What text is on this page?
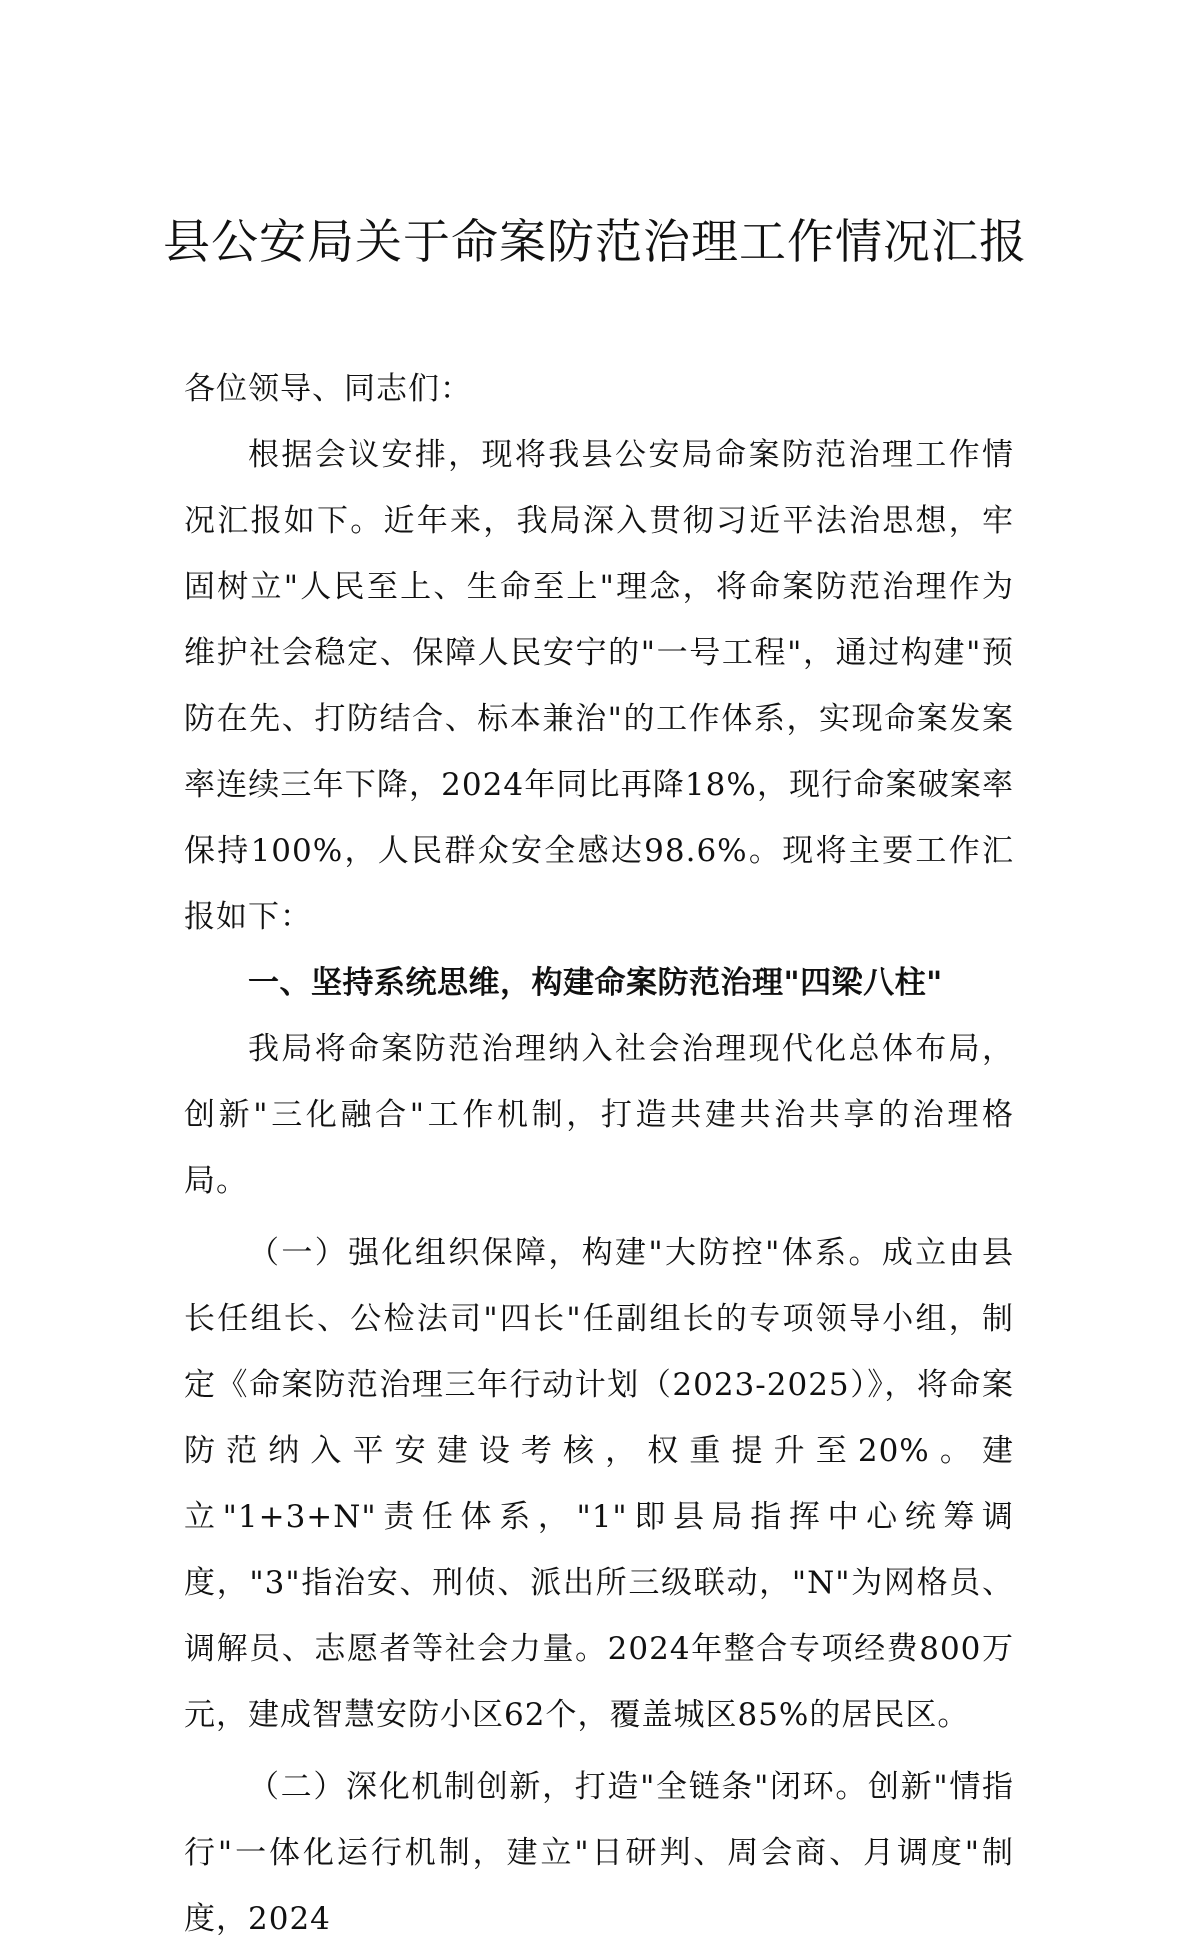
县公安局关于命案防范治理工作情况汇报

各位领导、同志们：

根据会议安排，现将我县公安局命案防范治理工作情况汇报如下。近年来，我局深入贯彻习近平法治思想，牢固树立"人民至上、生命至上"理念，将命案防范治理作为维护社会稳定、保障人民安宁的"一号工程"，通过构建"预防在先、打防结合、标本兼治"的工作体系，实现命案发案率连续三年下降，2024年同比再降18%，现行命案破案率保持100%，人民群众安全感达98.6%。现将主要工作汇报如下：

一、坚持系统思维，构建命案防范治理"四梁八柱"

我局将命案防范治理纳入社会治理现代化总体布局，创新"三化融合"工作机制，打造共建共治共享的治理格局。

（一）强化组织保障，构建"大防控"体系。成立由县长任组长、公检法司"四长"任副组长的专项领导小组，制定《命案防范治理三年行动计划（2023-2025）》，将命案防范纳入平安建设考核，权重提升至20%。建立"1+3+N"责任体系，"1"即县局指挥中心统筹调度，"3"指治安、刑侦、派出所三级联动，"N"为网格员、调解员、志愿者等社会力量。2024年整合专项经费800万元，建成智慧安防小区62个，覆盖城区85%的居民区。

（二）深化机制创新，打造"全链条"闭环。创新"情指行"一体化运行机制，建立"日研判、周会商、月调度"制度，2024
